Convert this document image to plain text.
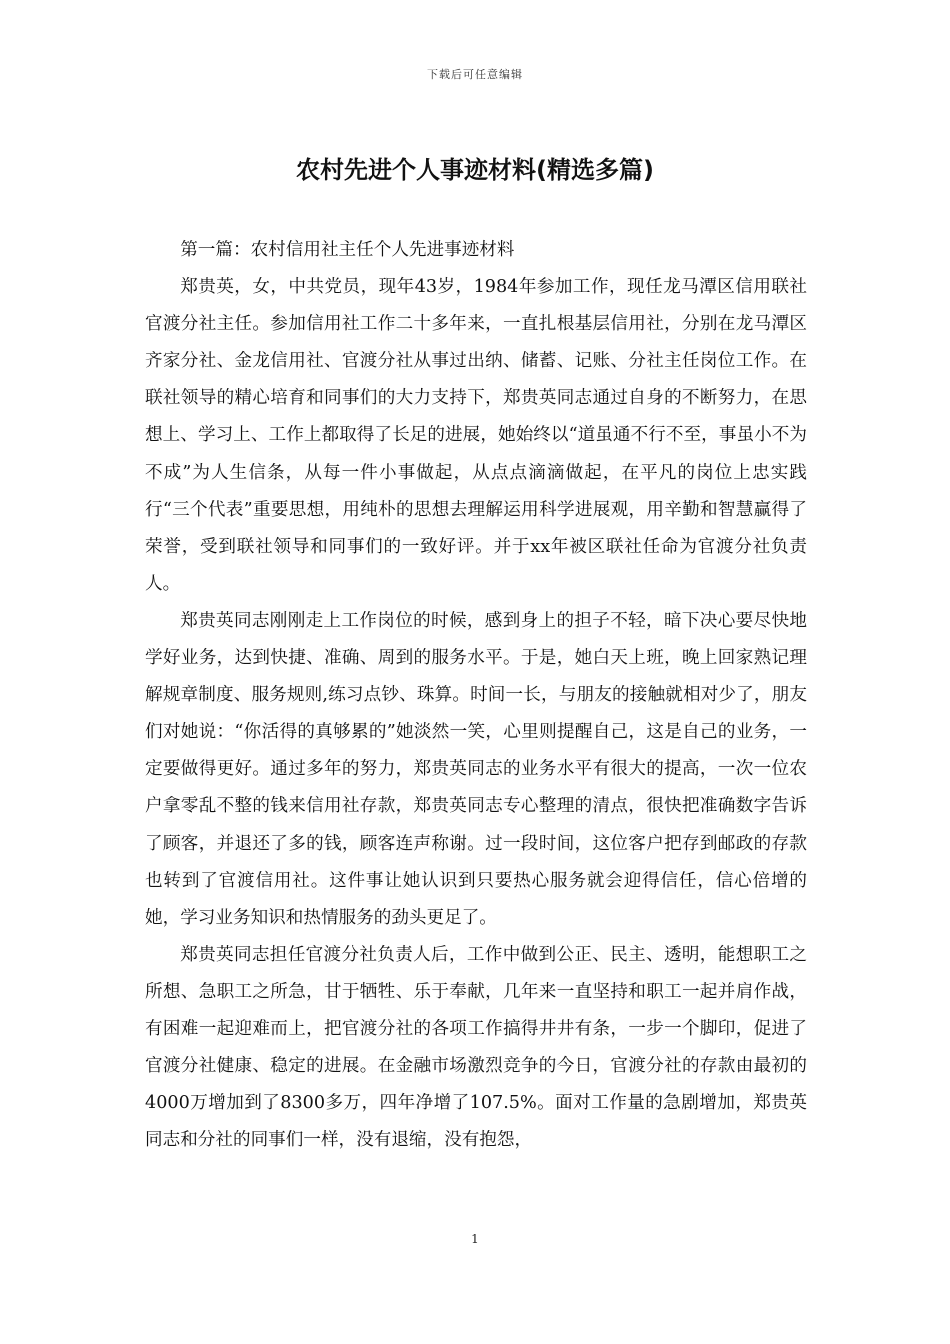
下载后可任意编辑
农村先进个人事迹材料(精选多篇)

第一篇：农村信用社主任个人先进事迹材料

郑贵英，女，中共党员，现年43岁，1984年参加工作，现任龙马潭区信用联社官渡分社主任。参加信用社工作二十多年来，一直扎根基层信用社，分别在龙马潭区齐家分社、金龙信用社、官渡分社从事过出纳、储蓄、记账、分社主任岗位工作。在联社领导的精心培育和同事们的大力支持下，郑贵英同志通过自身的不断努力，在思想上、学习上、工作上都取得了长足的进展，她始终以“道虽通不行不至，事虽小不为不成”为人生信条，从每一件小事做起，从点点滴滴做起，在平凡的岗位上忠实践行“三个代表”重要思想，用纯朴的思想去理解运用科学进展观，用辛勤和智慧赢得了荣誉，受到联社领导和同事们的一致好评。并于xx年被区联社任命为官渡分社负责人。

郑贵英同志刚刚走上工作岗位的时候，感到身上的担子不轻，暗下决心要尽快地学好业务，达到快捷、准确、周到的服务水平。于是，她白天上班，晚上回家熟记理解规章制度、服务规则,练习点钞、珠算。时间一长，与朋友的接触就相对少了，朋友们对她说：“你活得的真够累的”她淡然一笑，心里则提醒自己，这是自己的业务，一定要做得更好。通过多年的努力，郑贵英同志的业务水平有很大的提高，一次一位农户拿零乱不整的钱来信用社存款，郑贵英同志专心整理的清点，很快把准确数字告诉了顾客，并退还了多的钱，顾客连声称谢。过一段时间，这位客户把存到邮政的存款也转到了官渡信用社。这件事让她认识到只要热心服务就会迎得信任，信心倍增的她，学习业务知识和热情服务的劲头更足了。

郑贵英同志担任官渡分社负责人后，工作中做到公正、民主、透明，能想职工之所想、急职工之所急，甘于牺牲、乐于奉献，几年来一直坚持和职工一起并肩作战，有困难一起迎难而上，把官渡分社的各项工作搞得井井有条，一步一个脚印，促进了官渡分社健康、稳定的进展。在金融市场激烈竞争的今日，官渡分社的存款由最初的4000万增加到了8300多万，四年净增了107.5%。面对工作量的急剧增加，郑贵英同志和分社的同事们一样，没有退缩，没有抱怨，

1
